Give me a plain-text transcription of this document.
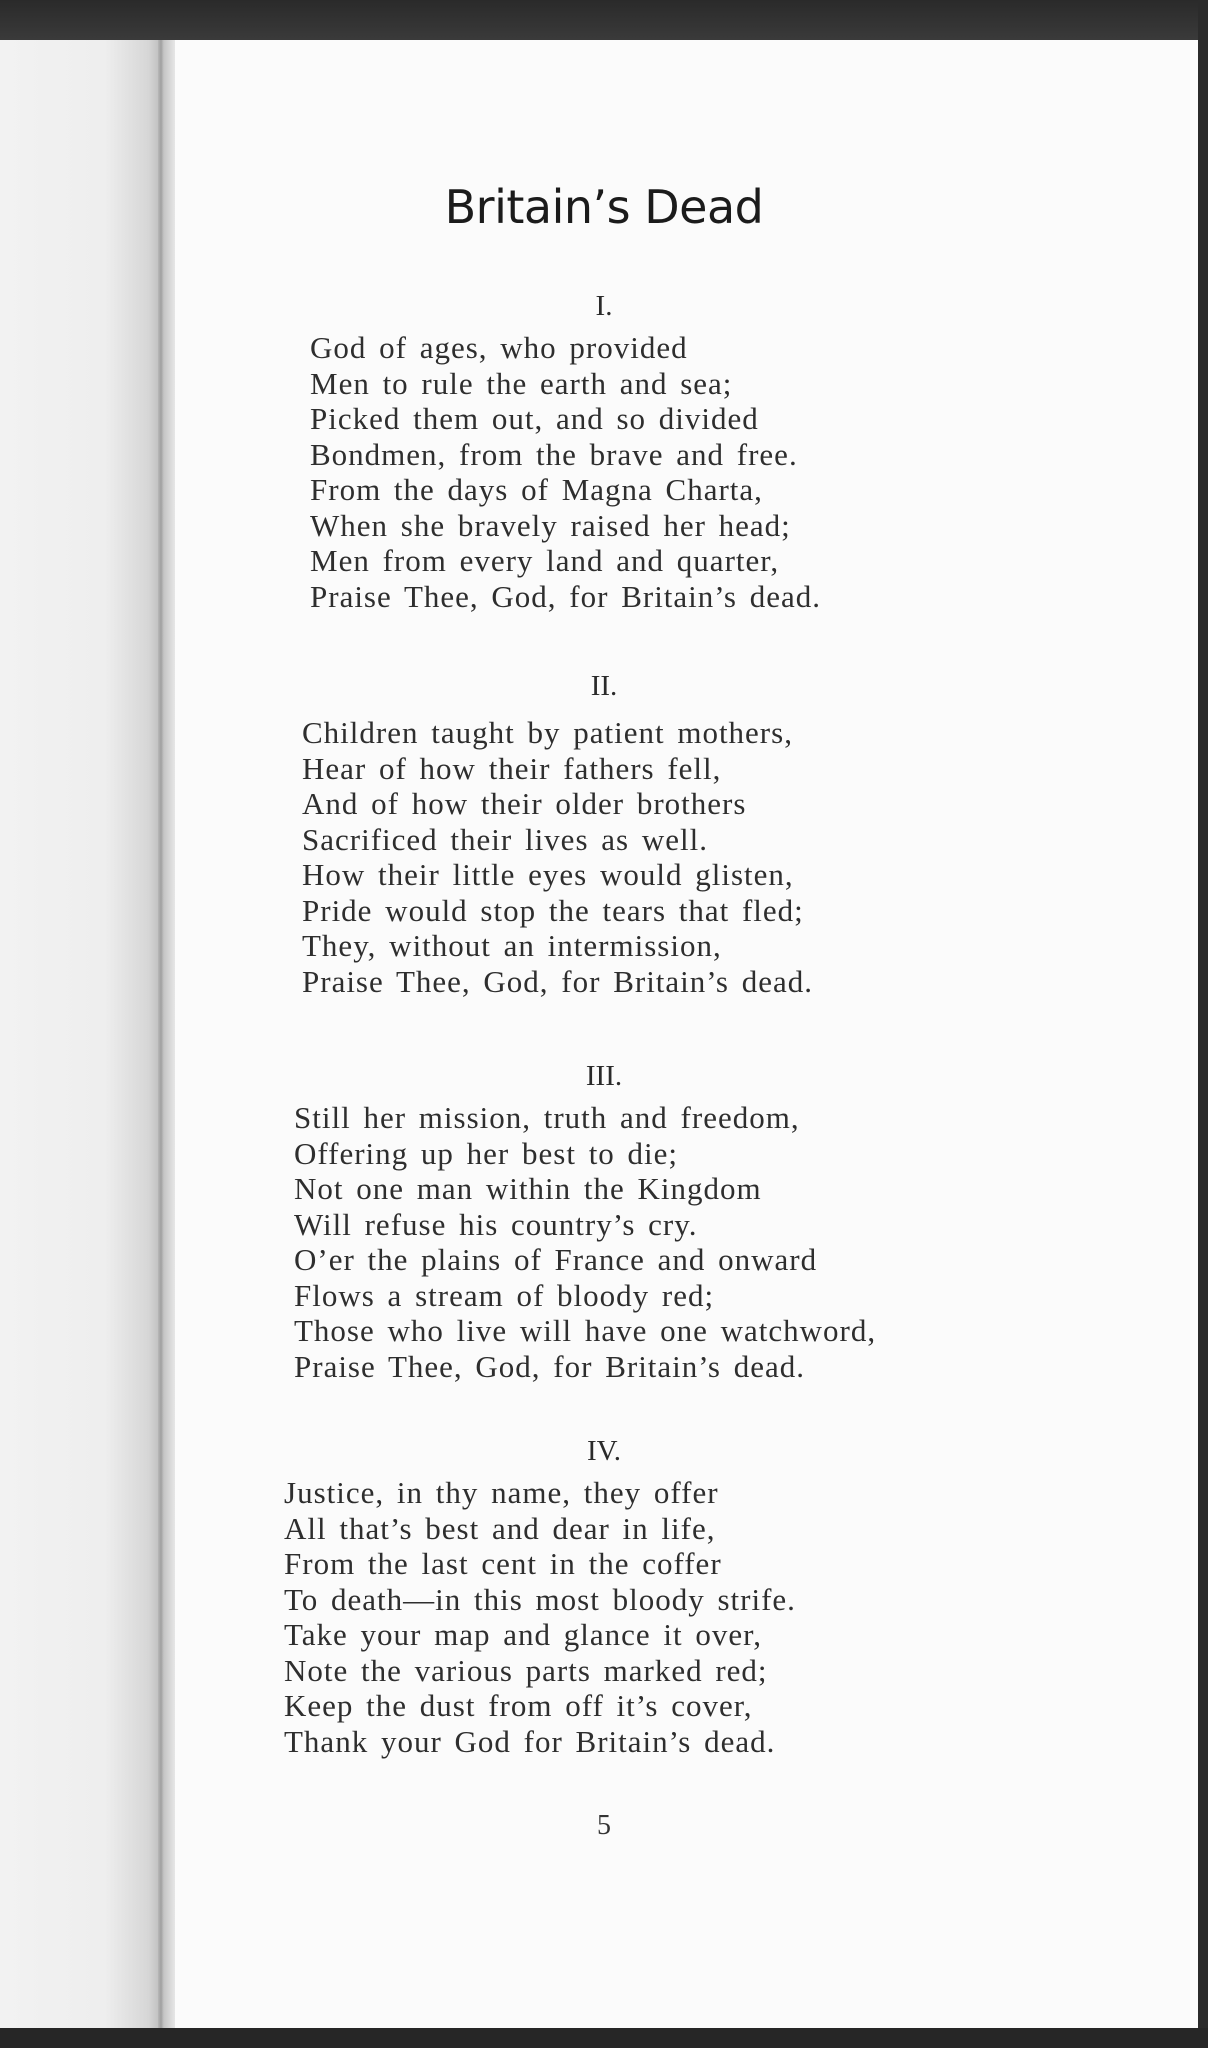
Britain’s Dead
I.
God of ages, who provided
Men to rule the earth and sea;
Picked them out, and so divided
Bondmen, from the brave and free.
From the days of Magna Charta,
When she bravely raised her head;
Men from every land and quarter,
Praise Thee, God, for Britain’s dead.
II.
Children taught by patient mothers,
Hear of how their fathers fell,
And of how their older brothers
Sacrificed their lives as well.
How their little eyes would glisten,
Pride would stop the tears that fled;
They, without an intermission,
Praise Thee, God, for Britain’s dead.
III.
Still her mission, truth and freedom,
Offering up her best to die;
Not one man within the Kingdom
Will refuse his country’s cry.
O’er the plains of France and onward
Flows a stream of bloody red;
Those who live will have one watchword,
Praise Thee, God, for Britain’s dead.
IV.
Justice, in thy name, they offer
All that’s best and dear in life,
From the last cent in the coffer
To death—in this most bloody strife.
Take your map and glance it over,
Note the various parts marked red;
Keep the dust from off it’s cover,
Thank your God for Britain’s dead.
5
